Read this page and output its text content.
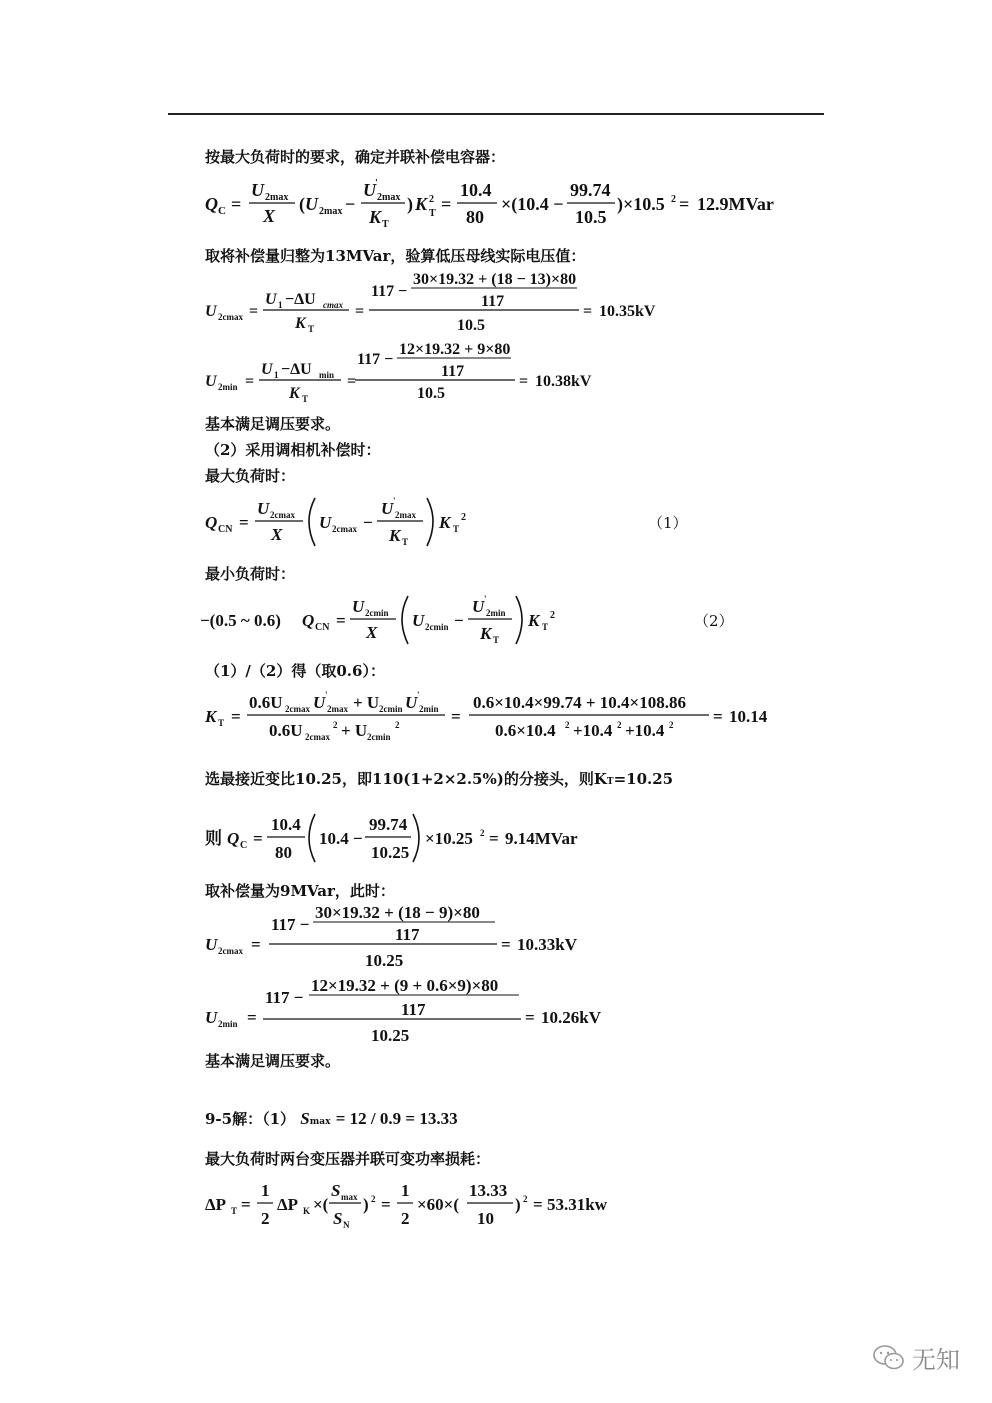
按最大负荷时的要求，确定并联补偿电容器：
Q C =
U 2max
X
( U 2max −
U '
2max
K T
) K 2
T =
10.4
80
×(10.4 −
99.74
10.5
)×10.5 2 = 12.9MVar
取将补偿量归整为13MVar，验算低压母线实际电压值：
U 2cmax =
U 1 −ΔU cmax
K T
=
117 −
30×19.32 + (18 − 13)×80
117
10.5
= 10.35kV
U 2min =
U 1 −ΔU min
K T
=
117 −
12×19.32 + 9×80
117
10.5
= 10.38kV
基本满足调压要求。
（2）采用调相机补偿时：
最大负荷时：
Q CN =
U 2cmax
X
U 2cmax −
U '
2max
K T
K T
2	（1）
最小负荷时：
−(0.5 ~ 0.6) Q CN =
U 2cmin
X
U 2cmin −
U '
2min
K T
K T
2	（2）
（1）/（2）得（取0.6）：
K T =
0.6U 2cmax U '
2max + U 2cmin U '
2min
0.6U 2cmax
2 + U 2cmin
2	=
0.6×10.4×99.74 + 10.4×108.86
0.6×10.4 2 +10.4 2 +10.4 2 = 10.14
选最接近变比10.25，即110(1+2×2.5%)的分接头，则KT=10.25
则 Q C =
10.4
80
10.4 −
99.74
10.25
×10.25 2 = 9.14MVar
取补偿量为9MVar，此时：
U 2cmax =
117 −
30×19.32 + (18 − 9)×80
117
10.25
= 10.33kV
U 2min =
117 −
12×19.32 + (9 + 0.6×9)×80
117
10.25
= 10.26kV
基本满足调压要求。
9-5解：（1） Smax = 12 / 0.9 = 13.33
最大负荷时两台变压器并联可变功率损耗：
ΔP T =
1
2
ΔP K ×(
S max
S N
) 2 =
1
2
×60×(
13.33
10
) 2 = 53.31kw
无知
